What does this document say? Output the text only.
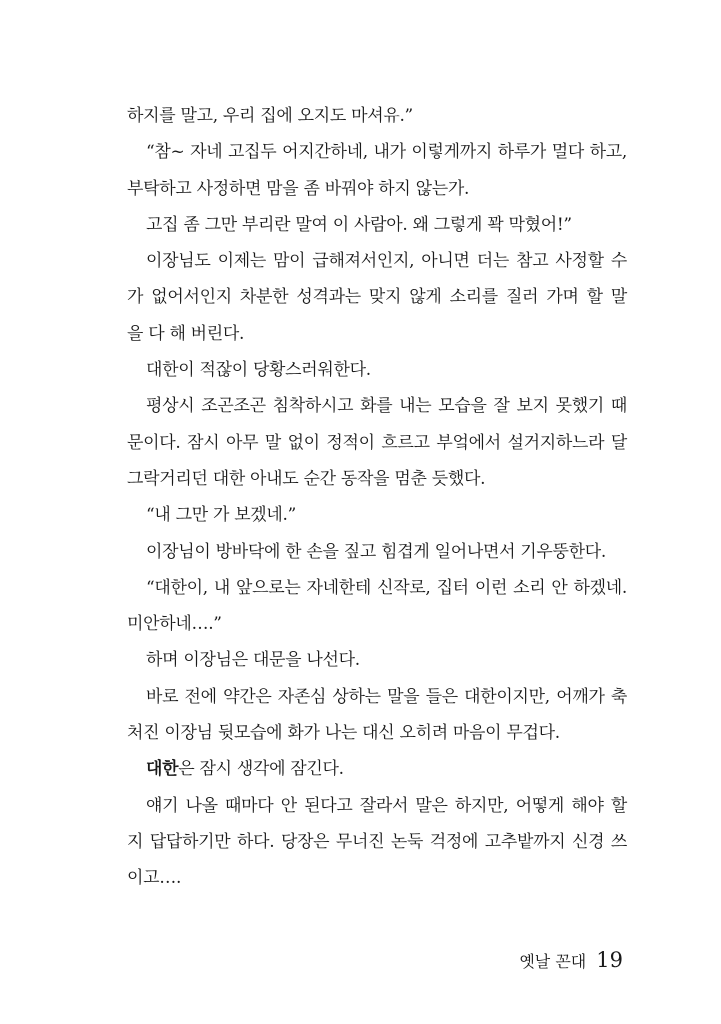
하지를 말고, 우리 집에 오지도 마셔유.”
“참~ 자네 고집두 어지간하네, 내가 이렇게까지 하루가 멀다 하고,
부탁하고 사정하면 맘을 좀 바꿔야 하지 않는가.
고집 좀 그만 부리란 말여 이 사람아. 왜 그렇게 꽉 막혔어!”
이장님도 이제는 맘이 급해져서인지, 아니면 더는 참고 사정할 수
가 없어서인지 차분한 성격과는 맞지 않게 소리를 질러 가며 할 말
을 다 해 버린다.
대한이 적잖이 당황스러워한다.
평상시 조곤조곤 침착하시고 화를 내는 모습을 잘 보지 못했기 때
문이다. 잠시 아무 말 없이 정적이 흐르고 부엌에서 설거지하느라 달
그락거리던 대한 아내도 순간 동작을 멈춘 듯했다.
“내 그만 가 보겠네.”
이장님이 방바닥에 한 손을 짚고 힘겹게 일어나면서 기우뚱한다.
“대한이, 내 앞으로는 자네한테 신작로, 집터 이런 소리 안 하겠네.
미안하네….”
하며 이장님은 대문을 나선다.
바로 전에 약간은 자존심 상하는 말을 들은 대한이지만, 어깨가 축
처진 이장님 뒷모습에 화가 나는 대신 오히려 마음이 무겁다.
대한은 잠시 생각에 잠긴다.
얘기 나올 때마다 안 된다고 잘라서 말은 하지만, 어떻게 해야 할
지 답답하기만 하다. 당장은 무너진 논둑 걱정에 고추밭까지 신경 쓰
이고….
옛날 꼰대 19
